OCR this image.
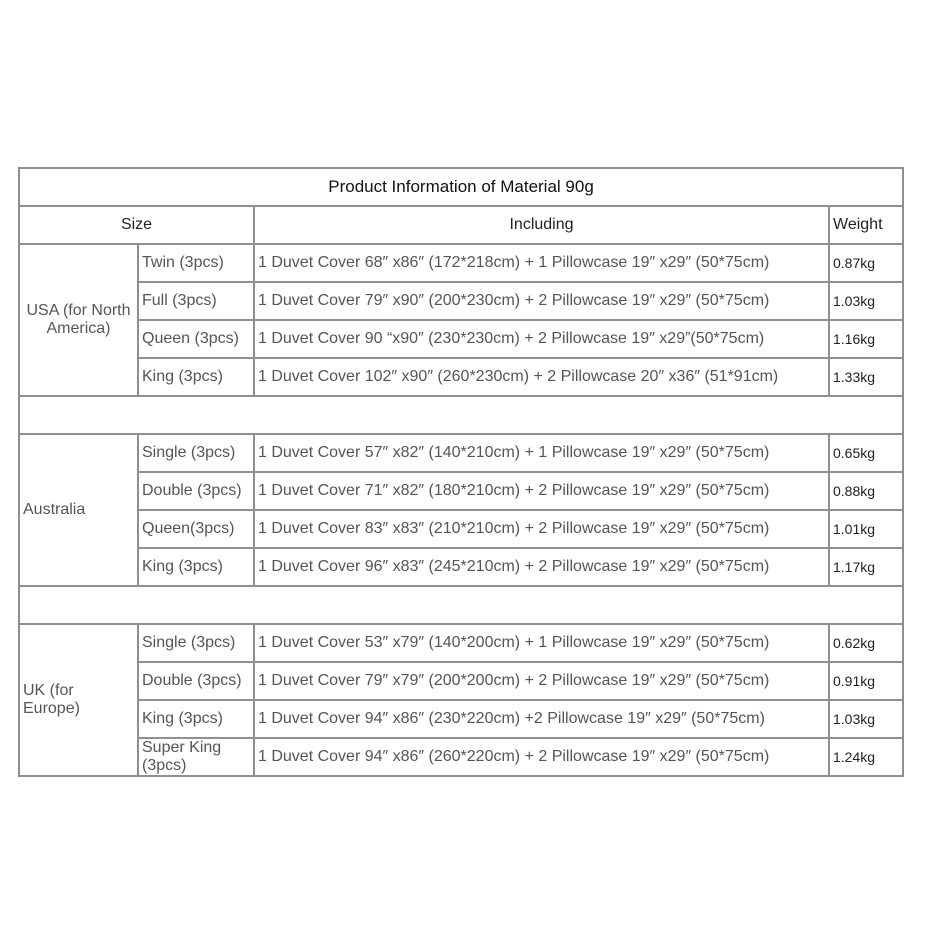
Product Information of Material 90g			
Size		Including	Weight
USA (for North America)	Twin (3pcs)	1 Duvet Cover 68″ x86″ (172*218cm) + 1 Pillowcase 19″ x29″ (50*75cm)	0.87kg
	Full (3pcs)	1 Duvet Cover 79″ x90″ (200*230cm) + 2 Pillowcase 19″ x29″ (50*75cm)	1.03kg
	Queen (3pcs)	1 Duvet Cover 90 “x90″ (230*230cm) + 2 Pillowcase 19″ x29”(50*75cm)	1.16kg
	King (3pcs)	1 Duvet Cover 102″ x90″ (260*230cm) + 2 Pillowcase 20″ x36″ (51*91cm)	1.33kg

Australia	Single (3pcs)	1 Duvet Cover 57″ x82″ (140*210cm) + 1 Pillowcase 19″ x29″ (50*75cm)	0.65kg
	Double (3pcs)	1 Duvet Cover 71″ x82″ (180*210cm) + 2 Pillowcase 19″ x29″ (50*75cm)	0.88kg
	Queen(3pcs)	1 Duvet Cover 83″ x83″ (210*210cm) + 2 Pillowcase 19″ x29″ (50*75cm)	1.01kg
	King (3pcs)	1 Duvet Cover 96″ x83″ (245*210cm) + 2 Pillowcase 19″ x29″ (50*75cm)	1.17kg

UK (for Europe)	Single (3pcs)	1 Duvet Cover 53″ x79″ (140*200cm) + 1 Pillowcase 19″ x29″ (50*75cm)	0.62kg
	Double (3pcs)	1 Duvet Cover 79″ x79″ (200*200cm) + 2 Pillowcase 19″ x29″ (50*75cm)	0.91kg
	King (3pcs)	1 Duvet Cover 94″ x86″ (230*220cm) +2 Pillowcase 19″ x29″ (50*75cm)	1.03kg
	Super King (3pcs)	1 Duvet Cover 94″ x86″ (260*220cm) + 2 Pillowcase 19″ x29″ (50*75cm)	1.24kg
